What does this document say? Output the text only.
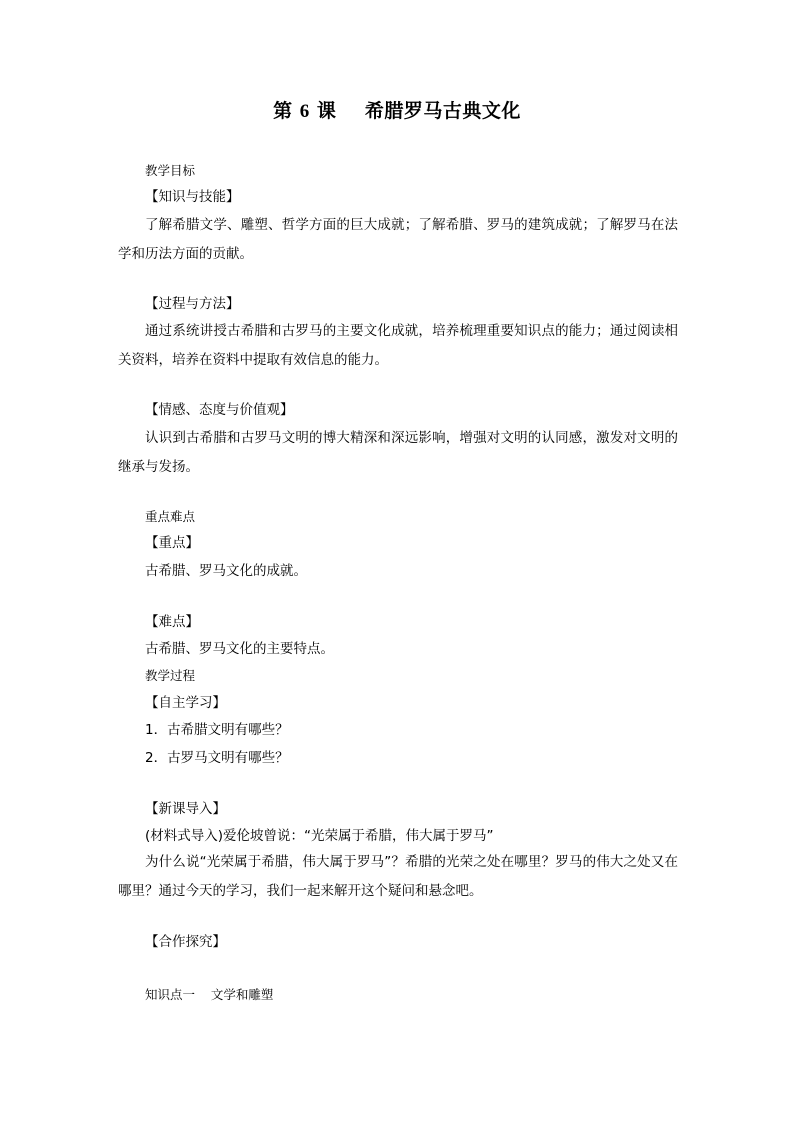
第 6 课    希腊罗马古典文化
教学目标
【知识与技能】
了解希腊文学、雕塑、哲学方面的巨大成就；了解希腊、罗马的建筑成就；了解罗马在法学和历法方面的贡献。
【过程与方法】
通过系统讲授古希腊和古罗马的主要文化成就，培养梳理重要知识点的能力；通过阅读相关资料，培养在资料中提取有效信息的能力。
【情感、态度与价值观】
认识到古希腊和古罗马文明的博大精深和深远影响，增强对文明的认同感，激发对文明的继承与发扬。
重点难点
【重点】
古希腊、罗马文化的成就。
【难点】
古希腊、罗马文化的主要特点。
教学过程
【自主学习】
1．古希腊文明有哪些？
2．古罗马文明有哪些？
【新课导入】
(材料式导入)爱伦坡曾说：“光荣属于希腊，伟大属于罗马”
为什么说“光荣属于希腊，伟大属于罗马”？希腊的光荣之处在哪里？罗马的伟大之处又在哪里？通过今天的学习，我们一起来解开这个疑问和悬念吧。
【合作探究】
知识点一    文学和雕塑
